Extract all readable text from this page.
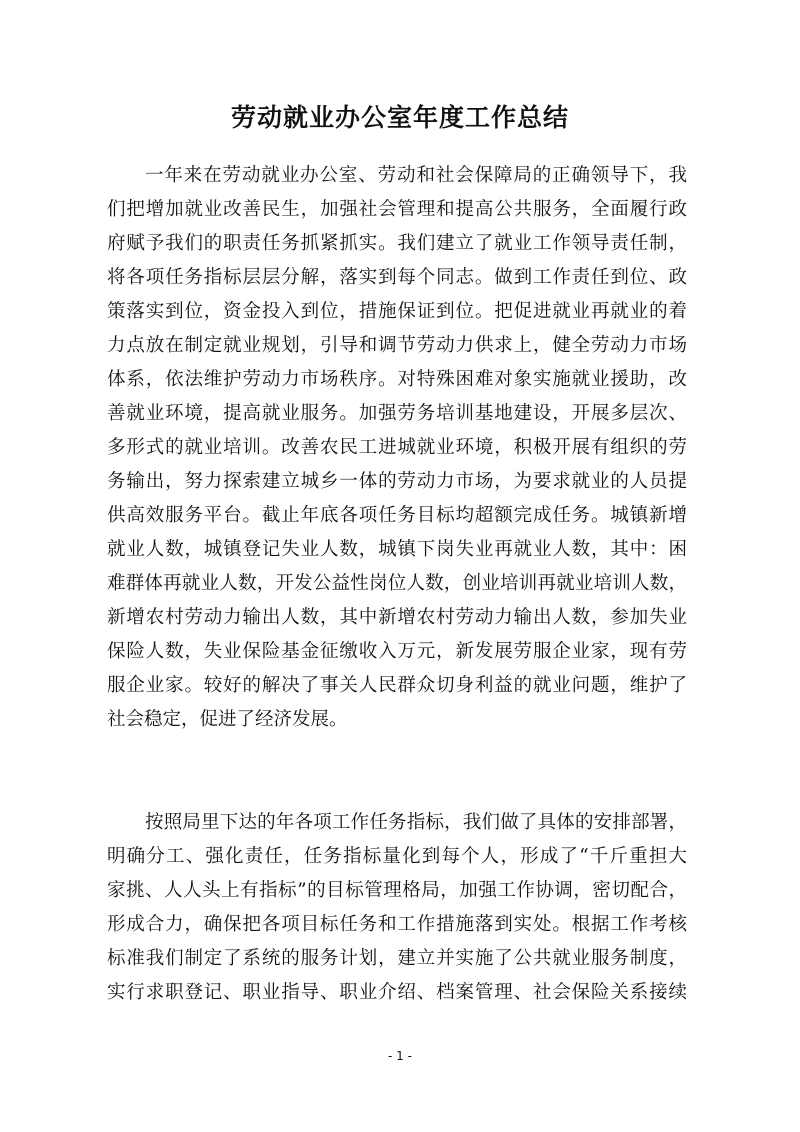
劳动就业办公室年度工作总结
一年来在劳动就业办公室、劳动和社会保障局的正确领导下，我
们把增加就业改善民生，加强社会管理和提高公共服务，全面履行政
府赋予我们的职责任务抓紧抓实。我们建立了就业工作领导责任制，
将各项任务指标层层分解，落实到每个同志。做到工作责任到位、政
策落实到位，资金投入到位，措施保证到位。把促进就业再就业的着
力点放在制定就业规划，引导和调节劳动力供求上，健全劳动力市场
体系，依法维护劳动力市场秩序。对特殊困难对象实施就业援助，改
善就业环境，提高就业服务。加强劳务培训基地建设，开展多层次、
多形式的就业培训。改善农民工进城就业环境，积极开展有组织的劳
务输出，努力探索建立城乡一体的劳动力市场，为要求就业的人员提
供高效服务平台。截止年底各项任务目标均超额完成任务。城镇新增
就业人数，城镇登记失业人数，城镇下岗失业再就业人数，其中：困
难群体再就业人数，开发公益性岗位人数，创业培训再就业培训人数，
新增农村劳动力输出人数，其中新增农村劳动力输出人数，参加失业
保险人数，失业保险基金征缴收入万元，新发展劳服企业家，现有劳
服企业家。较好的解决了事关人民群众切身利益的就业问题，维护了
社会稳定，促进了经济发展。
按照局里下达的年各项工作任务指标，我们做了具体的安排部署，
明确分工、强化责任，任务指标量化到每个人，形成了“千斤重担大
家挑、人人头上有指标”的目标管理格局，加强工作协调，密切配合，
形成合力，确保把各项目标任务和工作措施落到实处。根据工作考核
标准我们制定了系统的服务计划，建立并实施了公共就业服务制度，
实行求职登记、职业指导、职业介绍、档案管理、社会保险关系接续
- 1 -
